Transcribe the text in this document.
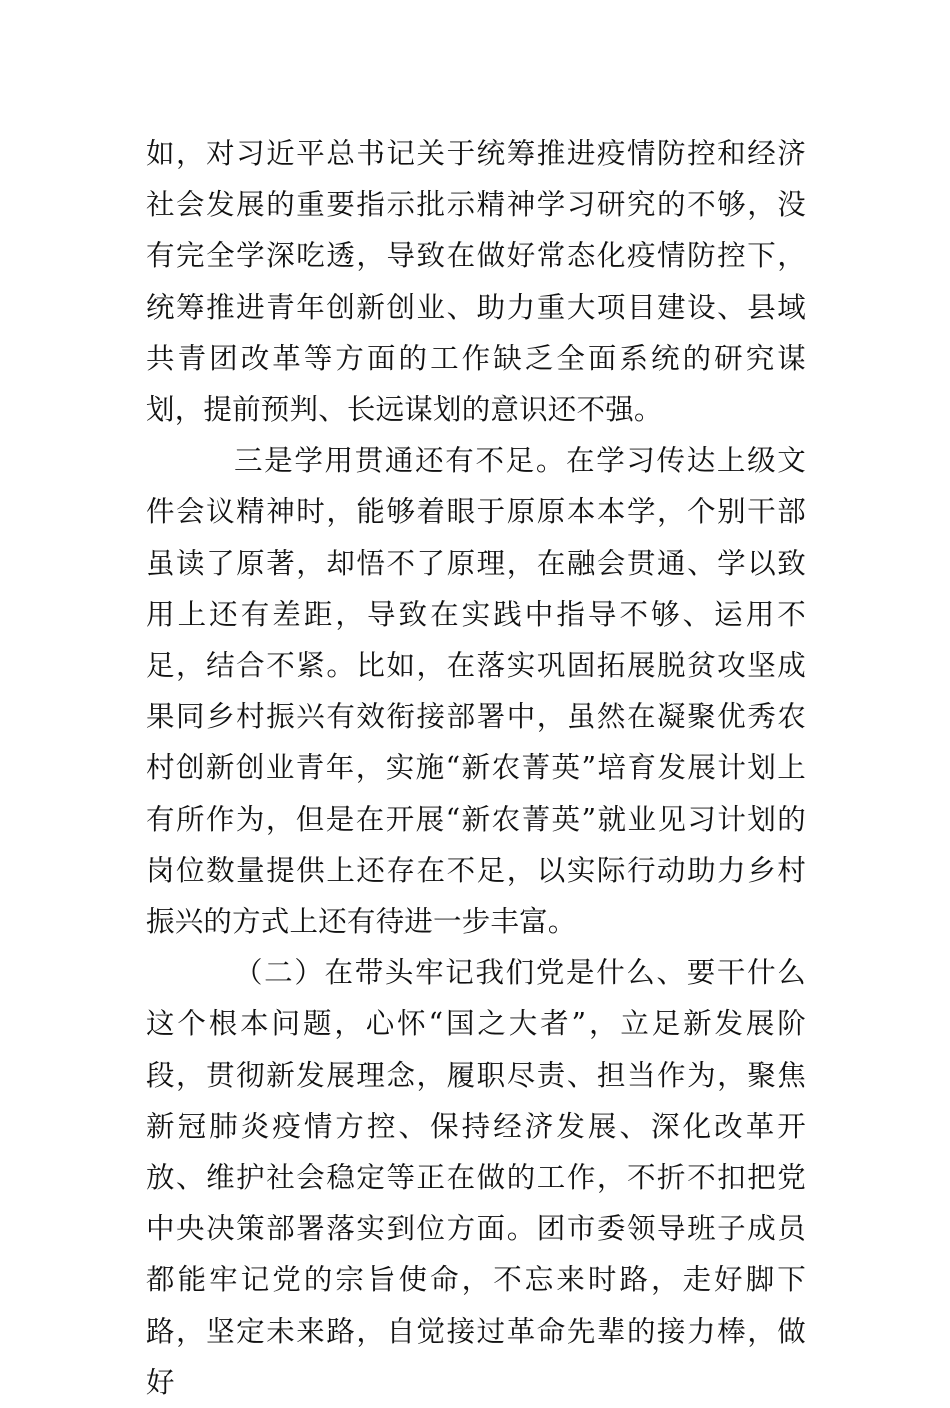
如，对习近平总书记关于统筹推进疫情防控和经济社会发展的重要指示批示精神学习研究的不够，没有完全学深吃透，导致在做好常态化疫情防控下，统筹推进青年创新创业、助力重大项目建设、县域共青团改革等方面的工作缺乏全面系统的研究谋划，提前预判、长远谋划的意识还不强。

三是学用贯通还有不足。在学习传达上级文件会议精神时，能够着眼于原原本本学，个别干部虽读了原著，却悟不了原理，在融会贯通、学以致用上还有差距，导致在实践中指导不够、运用不足，结合不紧。比如，在落实巩固拓展脱贫攻坚成果同乡村振兴有效衔接部署中，虽然在凝聚优秀农村创新创业青年，实施“新农菁英”培育发展计划上有所作为，但是在开展“新农菁英”就业见习计划的岗位数量提供上还存在不足，以实际行动助力乡村振兴的方式上还有待进一步丰富。

（二）在带头牢记我们党是什么、要干什么这个根本问题，心怀“国之大者”，立足新发展阶段，贯彻新发展理念，履职尽责、担当作为，聚焦新冠肺炎疫情方控、保持经济发展、深化改革开放、维护社会稳定等正在做的工作，不折不扣把党中央决策部署落实到位方面。团市委领导班子成员都能牢记党的宗旨使命，不忘来时路，走好脚下路，坚定未来路，自觉接过革命先辈的接力棒，做好
